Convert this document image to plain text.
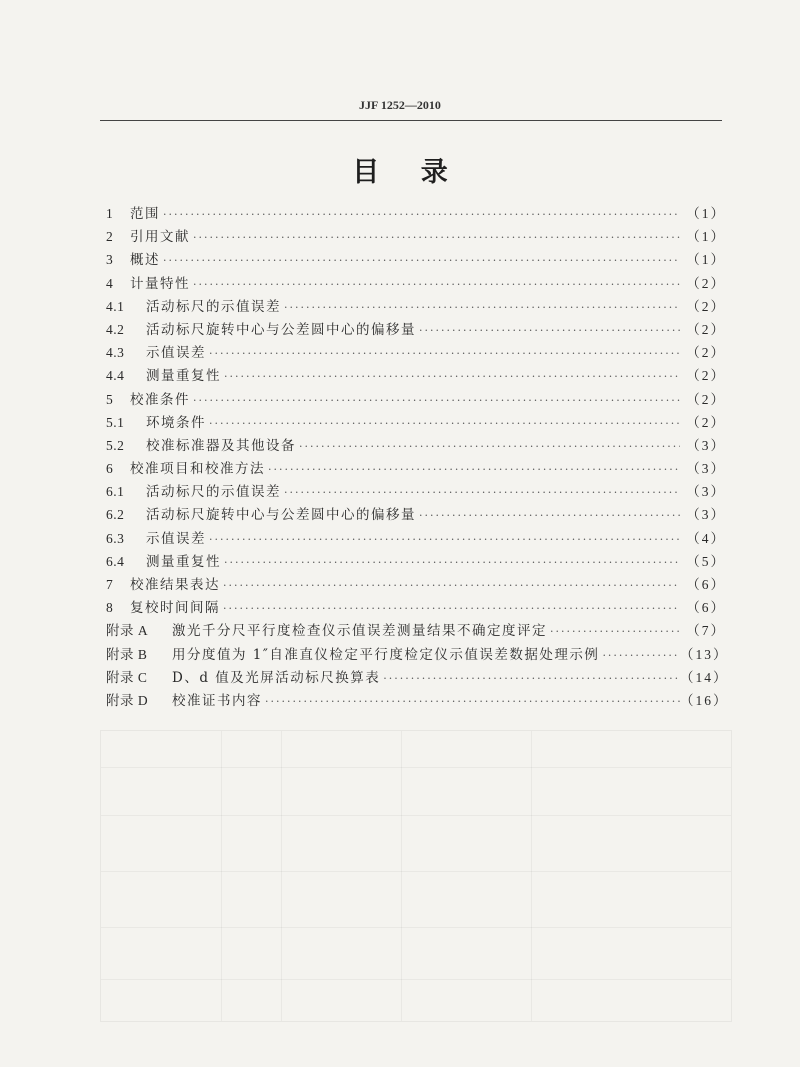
JJF 1252—2010
目 录
1	范围 ·····	（1）
2	引用文献 ·····	（1）
3	概述 ·····	（1）
4	计量特性 ·····	（2）
4.1	活动标尺的示值误差 ·····	（2）
4.2	活动标尺旋转中心与公差圆中心的偏移量 ·····	（2）
4.3	示值误差 ·····	（2）
4.4	测量重复性 ·····	（2）
5	校准条件 ·····	（2）
5.1	环境条件 ·····	（2）
5.2	校准标准器及其他设备 ·····	（3）
6	校准项目和校准方法 ·····	（3）
6.1	活动标尺的示值误差 ·····	（3）
6.2	活动标尺旋转中心与公差圆中心的偏移量 ·····	（3）
6.3	示值误差 ·····	（4）
6.4	测量重复性 ·····	（5）
7	校准结果表达 ·····	（6）
8	复校时间间隔 ·····	（6）
附录 A	激光千分尺平行度检查仪示值误差测量结果不确定度评定 ·····	（7）
附录 B	用分度值为 1″自准直仪检定平行度检定仪示值误差数据处理示例 ·····	（13）
附录 C	D、d 值及光屏活动标尺换算表 ·····	（14）
附录 D	校准证书内容 ·····	（16）
